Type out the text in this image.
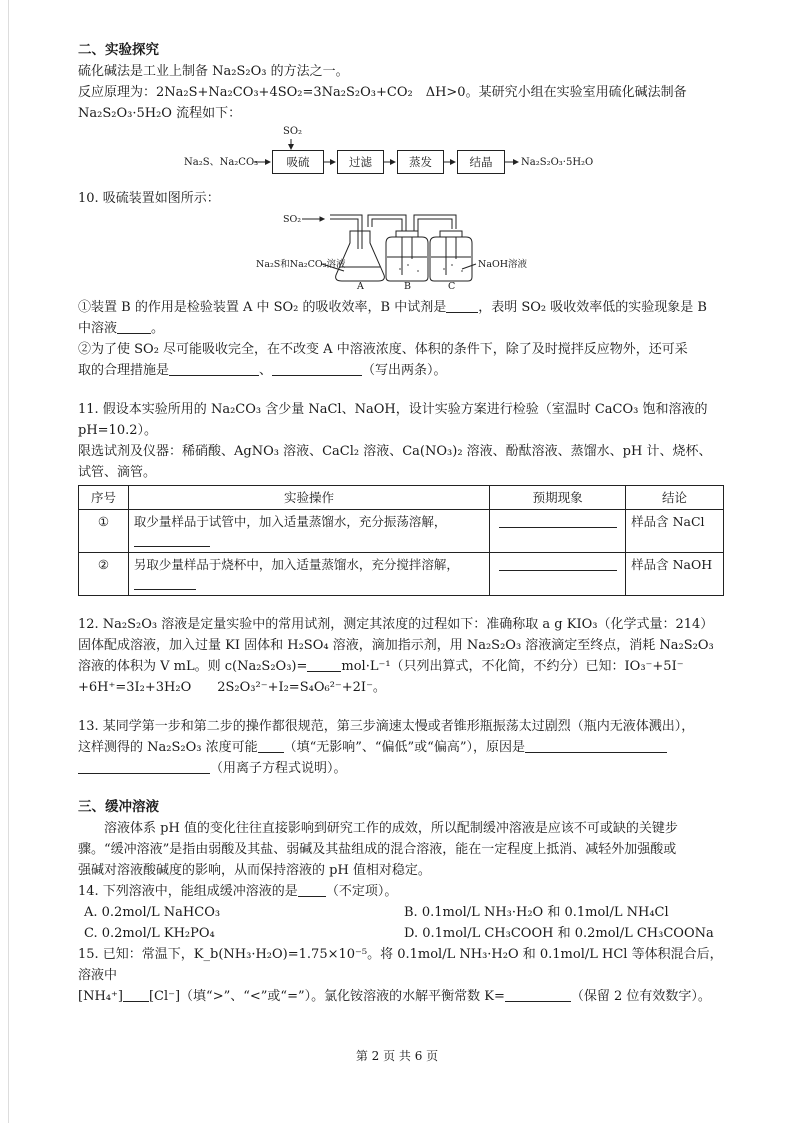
二、实验探究

硫化碱法是工业上制备 Na₂S₂O₃ 的方法之一。

反应原理为：2Na₂S+Na₂CO₃+4SO₂=3Na₂S₂O₃+CO₂　ΔH>0。某研究小组在实验室用硫化碱法制备

Na₂S₂O₃·5H₂O 流程如下：

Na₂S、Na₂CO₃
SO₂
吸硫	过滤	蒸发	结晶	Na₂S₂O₃·5H₂O

10. 吸硫装置如图所示：

SO₂
Na₂S和Na₂CO₃溶液	NaOH溶液
A	B	C

①装置 B 的作用是检验装置 A 中 SO₂ 的吸收效率，B 中试剂是 ，表明 SO₂ 吸收效率低的实验现象是 B

中溶液	。

②为了使 SO₂ 尽可能吸收完全，在不改变 A 中溶液浓度、体积的条件下，除了及时搅拌反应物外，还可采

取的合理措施是	、	（写出两条）。

11. 假设本实验所用的 Na₂CO₃ 含少量 NaCl、NaOH，设计实验方案进行检验（室温时 CaCO₃ 饱和溶液的

pH=10.2）。

限选试剂及仪器：稀硝酸、AgNO₃ 溶液、CaCl₂ 溶液、Ca(NO₃)₂ 溶液、酚酞溶液、蒸馏水、pH 计、烧杯、

试管、滴管。

序号	实验操作	预期现象	结论
①	取少量样品于试管中，加入适量蒸馏水，充分振荡溶解，		样品含 NaCl
②	另取少量样品于烧杯中，加入适量蒸馏水，充分搅拌溶解，		样品含 NaOH

12. Na₂S₂O₃ 溶液是定量实验中的常用试剂，测定其浓度的过程如下：准确称取 a g KIO₃（化学式量：214）

固体配成溶液，加入过量 KI 固体和 H₂SO₄ 溶液，滴加指示剂，用 Na₂S₂O₃ 溶液滴定至终点，消耗 Na₂S₂O₃

溶液的体积为 V mL。则 c(Na₂S₂O₃)=	mol·L⁻¹（只列出算式，不化简，不约分）已知：IO₃⁻+5I⁻

+6H⁺=3I₂+3H₂O　　2S₂O₃²⁻+I₂=S₄O₆²⁻+2I⁻。

13. 某同学第一步和第二步的操作都很规范，第三步滴速太慢或者锥形瓶振荡太过剧烈（瓶内无液体溅出），

这样测得的 Na₂S₂O₃ 浓度可能 （填“无影响”、“偏低”或“偏高”），原因是

（用离子方程式说明）。

三、缓冲溶液

溶液体系 pH 值的变化往往直接影响到研究工作的成效，所以配制缓冲溶液是应该不可或缺的关键步

骤。“缓冲溶液”是指由弱酸及其盐、弱碱及其盐组成的混合溶液，能在一定程度上抵消、减轻外加强酸或

强碱对溶液酸碱度的影响，从而保持溶液的 pH 值相对稳定。

14. 下列溶液中，能组成缓冲溶液的是 （不定项）。

A. 0.2mol/L NaHCO₃	B. 0.1mol/L NH₃·H₂O 和 0.1mol/L NH₄Cl
C. 0.2mol/L KH₂PO₄	D. 0.1mol/L CH₃COOH 和 0.2mol/L CH₃COONa

15. 已知：常温下，K_b(NH₃·H₂O)=1.75×10⁻⁵。将 0.1mol/L NH₃·H₂O 和 0.1mol/L HCl 等体积混合后，溶液中

[NH₄⁺] [Cl⁻]（填“>”、“<”或“=”）。氯化铵溶液的水解平衡常数 K=	（保留 2 位有效数字）。

第 2 页 共 6 页
